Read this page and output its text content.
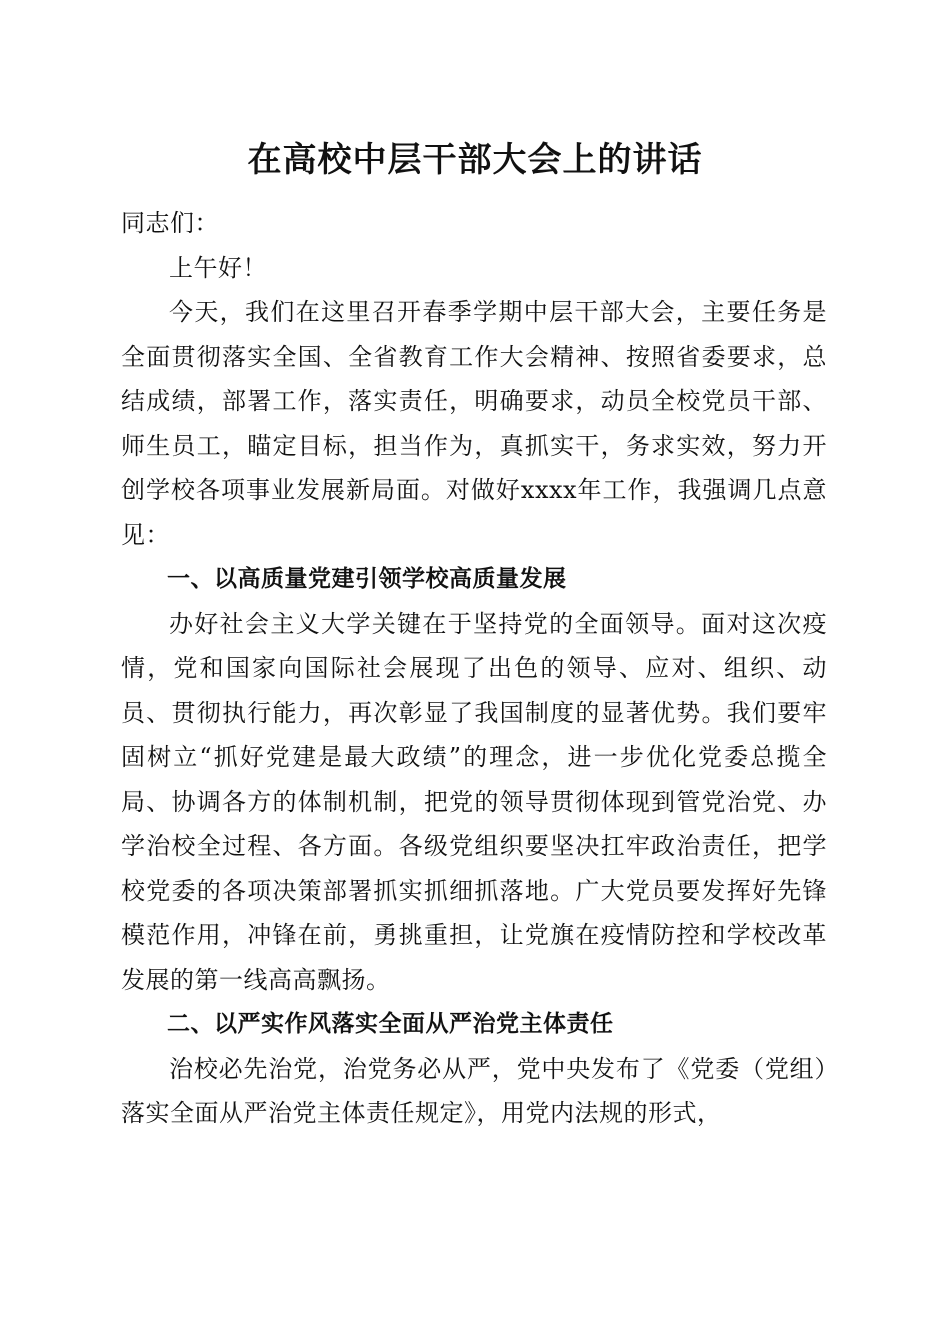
在高校中层干部大会上的讲话

同志们：

上午好！

今天，我们在这里召开春季学期中层干部大会，主要任务是全面贯彻落实全国、全省教育工作大会精神、按照省委要求，总结成绩，部署工作，落实责任，明确要求，动员全校党员干部、师生员工，瞄定目标，担当作为，真抓实干，务求实效，努力开创学校各项事业发展新局面。对做好xxxx年工作，我强调几点意见：

一、以高质量党建引领学校高质量发展

办好社会主义大学关键在于坚持党的全面领导。面对这次疫情，党和国家向国际社会展现了出色的领导、应对、组织、动员、贯彻执行能力，再次彰显了我国制度的显著优势。我们要牢固树立“抓好党建是最大政绩”的理念，进一步优化党委总揽全局、协调各方的体制机制，把党的领导贯彻体现到管党治党、办学治校全过程、各方面。各级党组织要坚决扛牢政治责任，把学校党委的各项决策部署抓实抓细抓落地。广大党员要发挥好先锋模范作用，冲锋在前，勇挑重担，让党旗在疫情防控和学校改革发展的第一线高高飘扬。

二、以严实作风落实全面从严治党主体责任

治校必先治党，治党务必从严，党中央发布了《党委（党组）落实全面从严治党主体责任规定》，用党内法规的形式，
